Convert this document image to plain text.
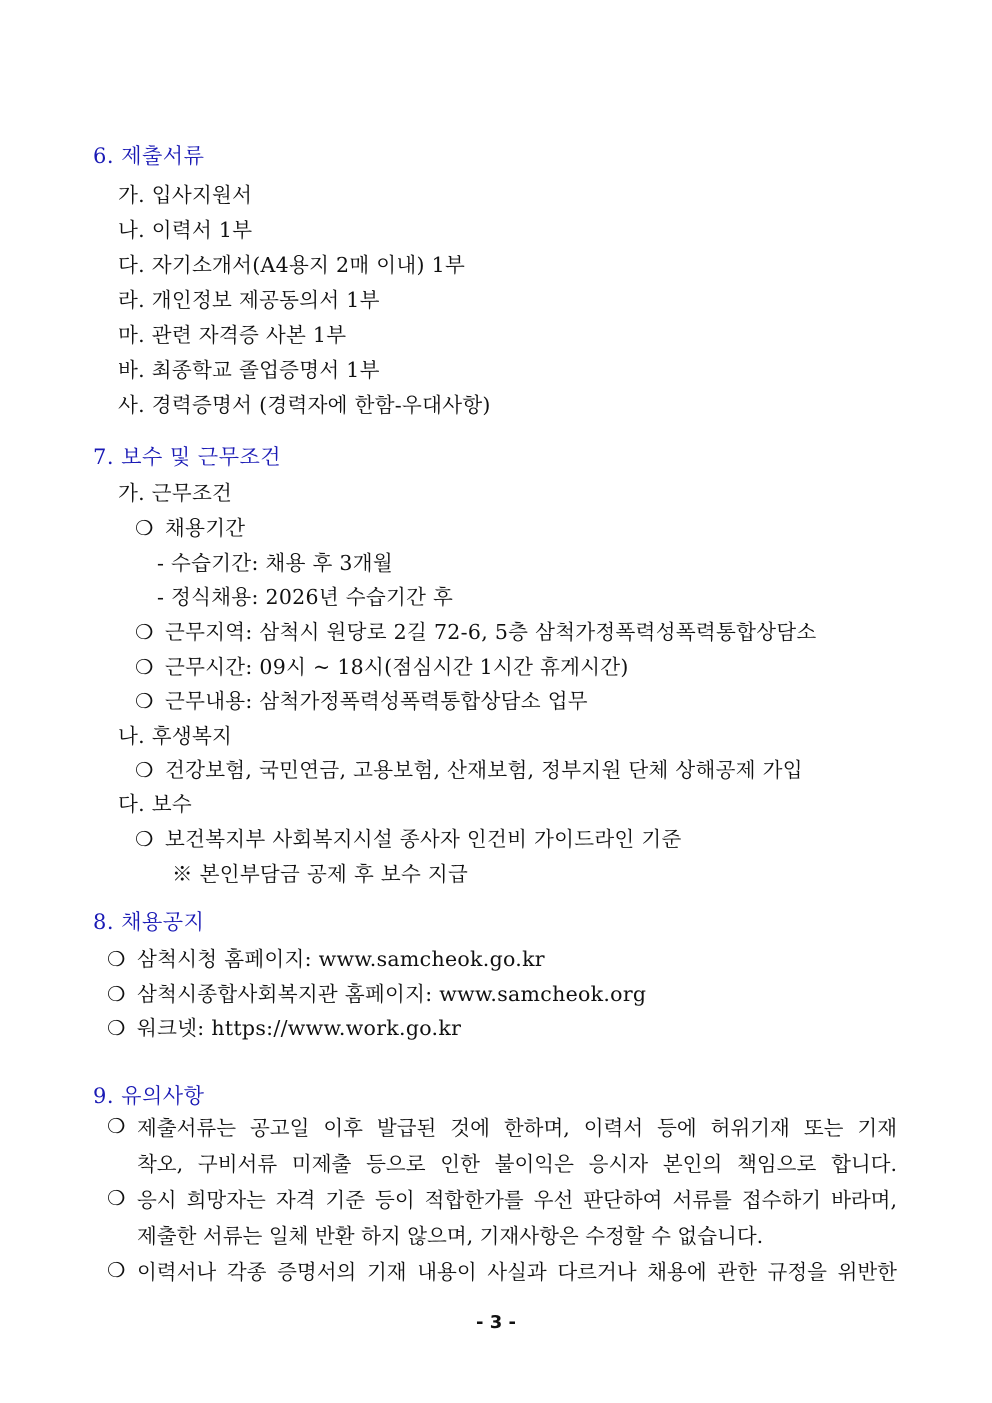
6. 제출서류
가. 입사지원서
나. 이력서 1부
다. 자기소개서(A4용지 2매 이내) 1부
라. 개인정보 제공동의서 1부
마. 관련 자격증 사본 1부
바. 최종학교 졸업증명서 1부
사. 경력증명서 (경력자에 한함-우대사항)
7. 보수 및 근무조건
가. 근무조건
❍ 채용기간
- 수습기간: 채용 후 3개월
- 정식채용: 2026년 수습기간 후
❍ 근무지역: 삼척시 원당로 2길 72-6, 5층 삼척가정폭력성폭력통합상담소
❍ 근무시간: 09시 ~ 18시(점심시간 1시간 휴게시간)
❍ 근무내용: 삼척가정폭력성폭력통합상담소 업무
나. 후생복지
❍ 건강보험, 국민연금, 고용보험, 산재보험, 정부지원 단체 상해공제 가입
다. 보수
❍ 보건복지부 사회복지시설 종사자 인건비 가이드라인 기준
※ 본인부담금 공제 후 보수 지급
8. 채용공지
❍ 삼척시청 홈페이지: www.samcheok.go.kr
❍ 삼척시종합사회복지관 홈페이지: www.samcheok.org
❍ 워크넷: https://www.work.go.kr
9. 유의사항
❍ 제출서류는 공고일 이후 발급된 것에 한하며, 이력서 등에 허위기재 또는 기재
착오, 구비서류 미제출 등으로 인한 불이익은 응시자 본인의 책임으로 합니다.
❍ 응시 희망자는 자격 기준 등이 적합한가를 우선 판단하여 서류를 접수하기 바라며,
제출한 서류는 일체 반환 하지 않으며, 기재사항은 수정할 수 없습니다.
❍ 이력서나 각종 증명서의 기재 내용이 사실과 다르거나 채용에 관한 규정을 위반한
- 3 -
